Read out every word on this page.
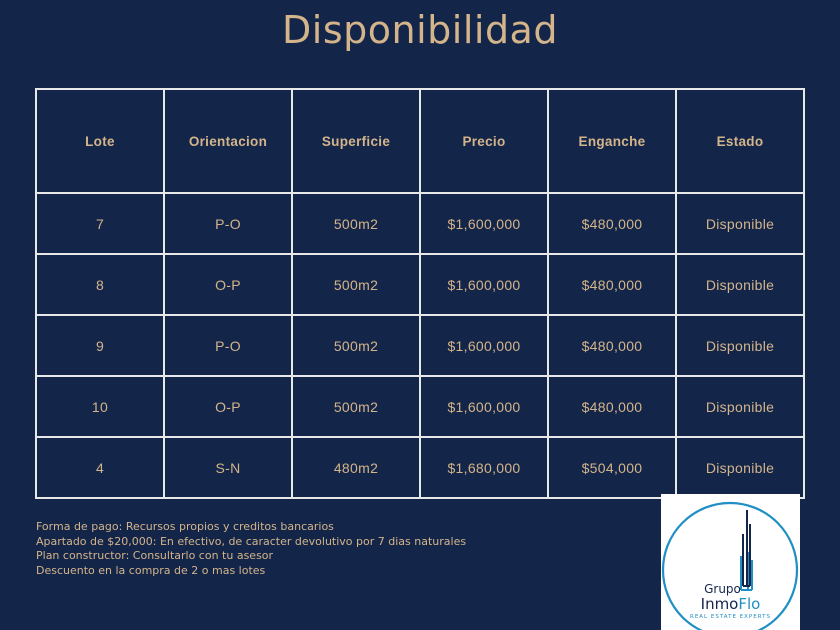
Disponibilidad
Lote	Orientacion	Superficie	Precio	Enganche	Estado
7	P-O	500m2	$1,600,000	$480,000	Disponible
8	O-P	500m2	$1,600,000	$480,000	Disponible
9	P-O	500m2	$1,600,000	$480,000	Disponible
10	O-P	500m2	$1,600,000	$480,000	Disponible
4	S-N	480m2	$1,680,000	$504,000	Disponible
Forma de pago: Recursos propios y creditos bancarios
Apartado de $20,000: En efectivo, de caracter devolutivo por 7 dias naturales
Plan constructor: Consultarlo con tu asesor
Descuento en la compra de 2 o mas lotes
Grupo
InmoFlo
REAL ESTATE EXPERTS
